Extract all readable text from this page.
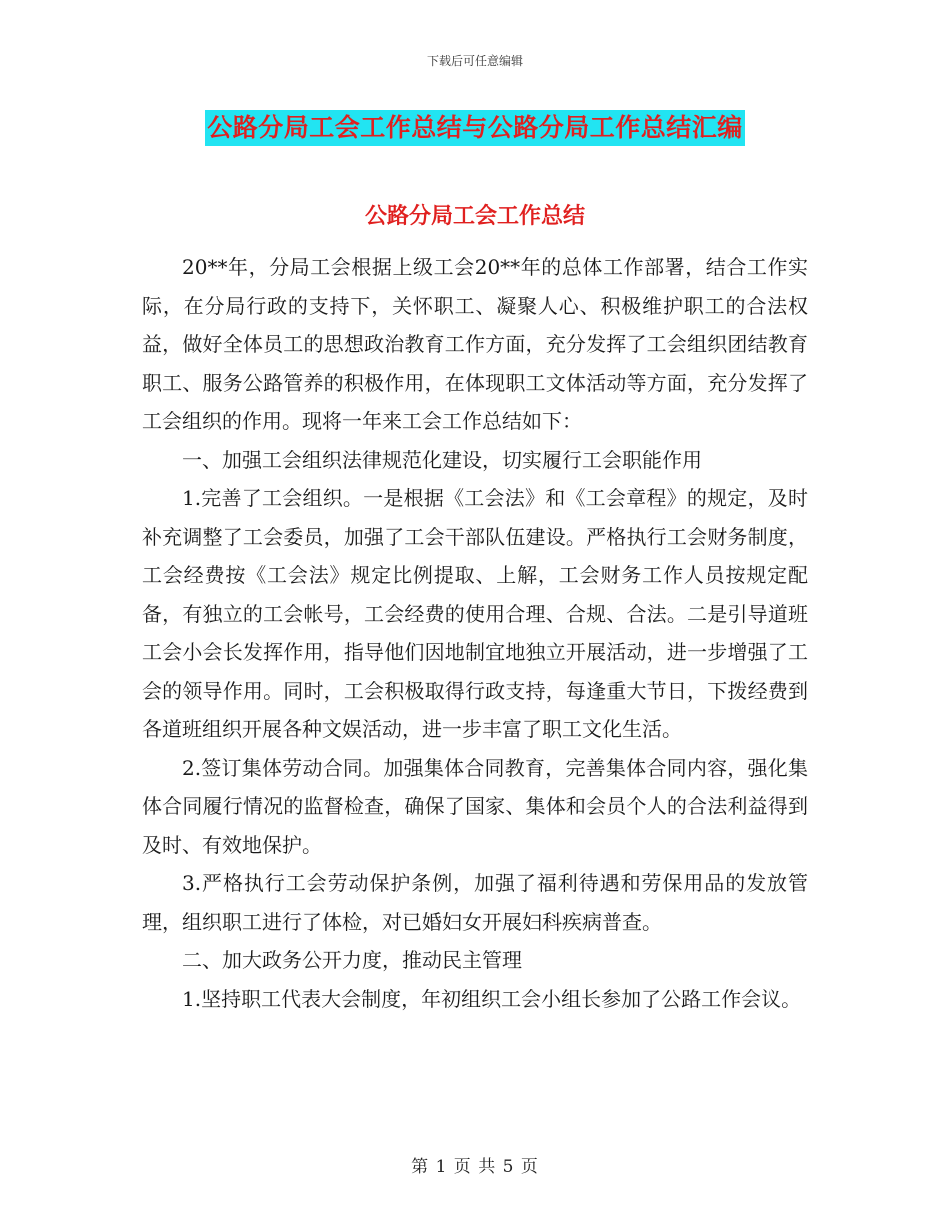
下载后可任意编辑
公路分局工会工作总结与公路分局工作总结汇编
公路分局工会工作总结

20**年，分局工会根据上级工会20**年的总体工作部署，结合工作实际，在分局行政的支持下，关怀职工、凝聚人心、积极维护职工的合法权益，做好全体员工的思想政治教育工作方面，充分发挥了工会组织团结教育职工、服务公路管养的积极作用，在体现职工文体活动等方面，充分发挥了工会组织的作用。现将一年来工会工作总结如下：

一、加强工会组织法律规范化建设，切实履行工会职能作用

1.完善了工会组织。一是根据《工会法》和《工会章程》的规定，及时补充调整了工会委员，加强了工会干部队伍建设。严格执行工会财务制度，工会经费按《工会法》规定比例提取、上解，工会财务工作人员按规定配备，有独立的工会帐号，工会经费的使用合理、合规、合法。二是引导道班工会小会长发挥作用，指导他们因地制宜地独立开展活动，进一步增强了工会的领导作用。同时，工会积极取得行政支持，每逢重大节日，下拨经费到各道班组织开展各种文娱活动，进一步丰富了职工文化生活。

2.签订集体劳动合同。加强集体合同教育，完善集体合同内容，强化集体合同履行情况的监督检查，确保了国家、集体和会员个人的合法利益得到及时、有效地保护。

3.严格执行工会劳动保护条例，加强了福利待遇和劳保用品的发放管理，组织职工进行了体检，对已婚妇女开展妇科疾病普查。

二、加大政务公开力度，推动民主管理

1.坚持职工代表大会制度，年初组织工会小组长参加了公路工作会议。

第 1 页 共 5 页
